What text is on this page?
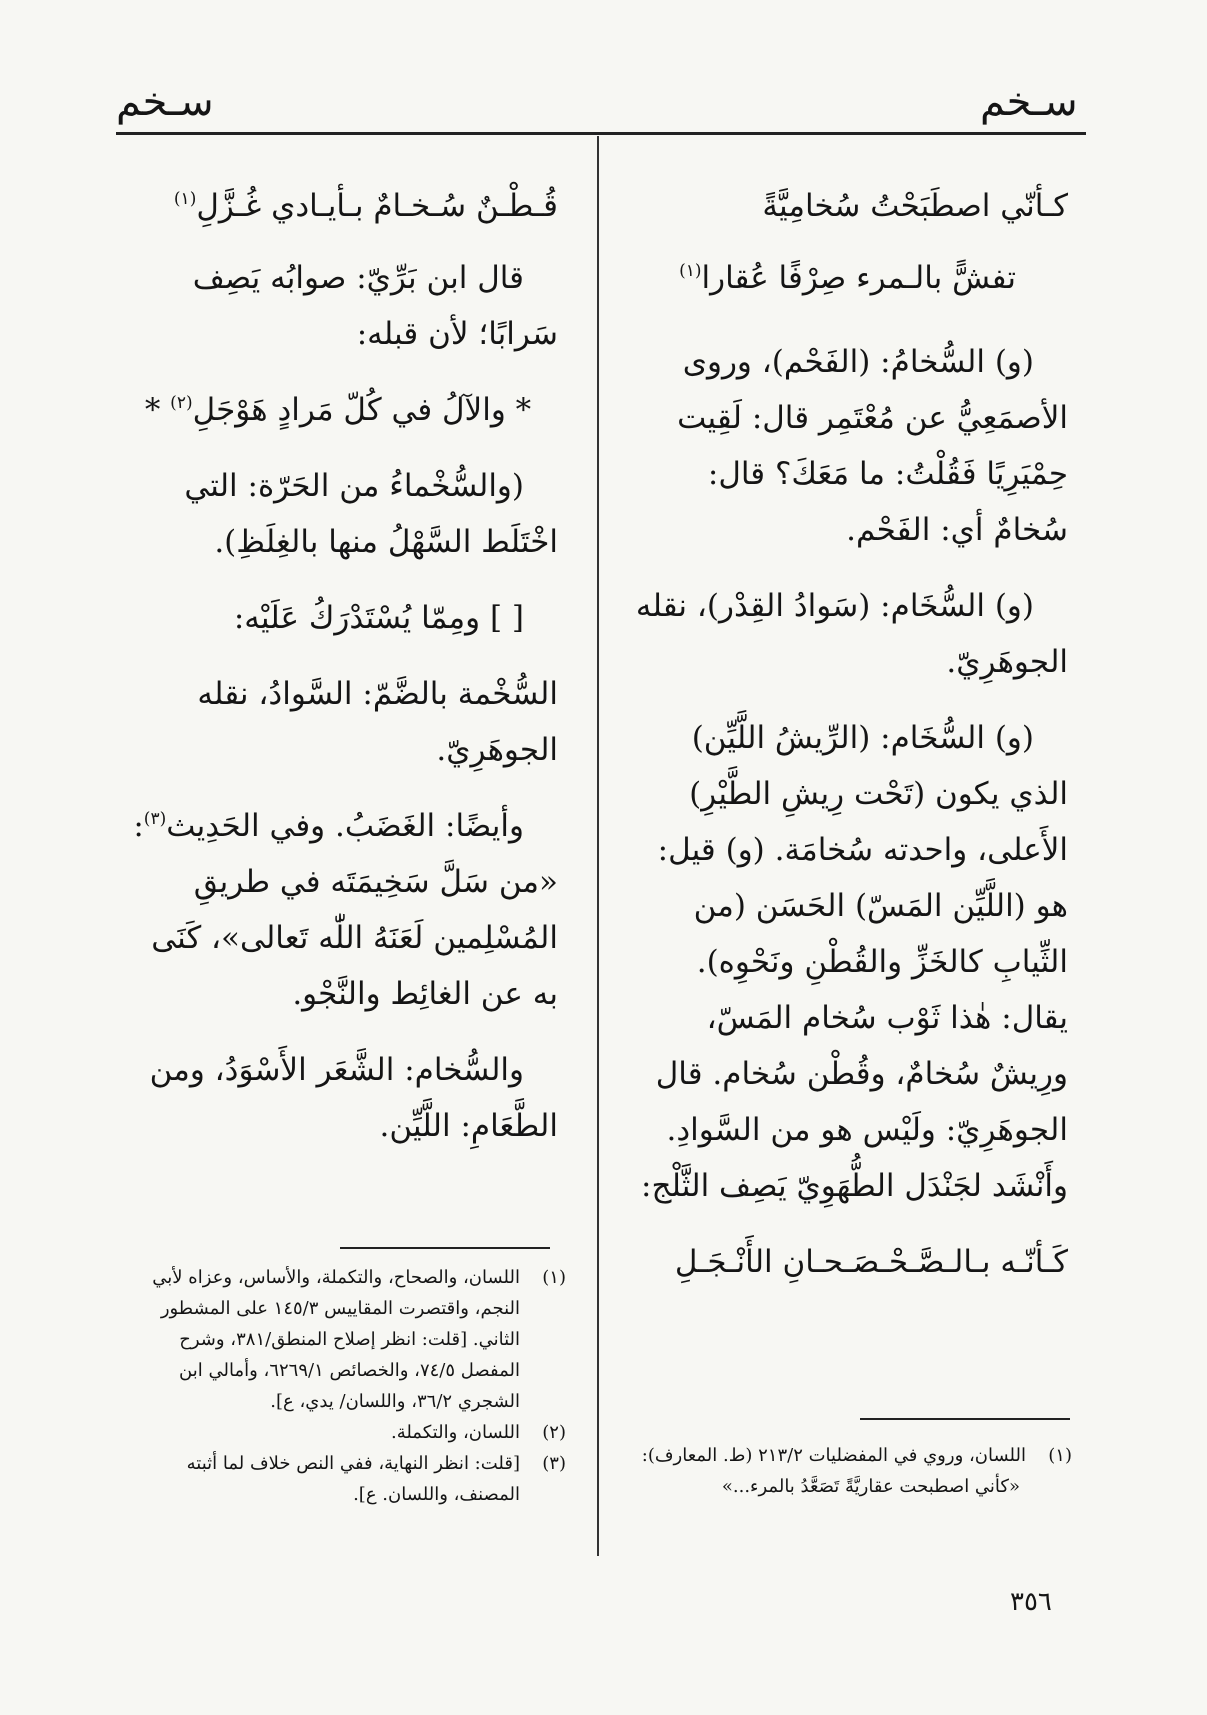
سـخم
سـخم
كـأنّي اصطَبَحْتُ سُخامِيَّةً
تفشًّ بالـمرء صِرْفًا عُقارا$^{(١)}$

(و) السُّخامُ: (الفَحْم)، وروى الأصمَعِيُّ عن مُعْتَمِر قال: لَقِيت حِمْيَرِيًا فَقُلْتُ: ما مَعَكَ؟ قال: سُخامٌ أي: الفَحْم.

(و) السُّخَام: (سَوادُ القِدْر)، نقله الجوهَرِيّ.

(و) السُّخَام: (الرِّيشُ اللَّيِّن) الذي يكون (تَحْت رِيشِ الطَّيْرِ) الأَعلى، واحدته سُخامَة. (و) قيل: هو (اللَّيِّن المَسّ) الحَسَن (من الثِّيابِ كالخَزِّ والقُطْنِ ونَحْوِه). يقال: هٰذا ثَوْب سُخام المَسّ، ورِيشٌ سُخامٌ، وقُطْن سُخام. قال الجوهَرِيّ: ولَيْس هو من السَّوادِ. وأَنْشَد لجَنْدَل الطُّهَوِيّ يَصِف الثَّلْج:

كَـأنّـه بـالـصَّـحْـصَـحـانِ الأَنْـجَـلِ
قُـطْـنٌ سُـخـامٌ بـأيـادي غُـزَّلِ$^{(١)}$

قال ابن بَرِّيّ: صوابُه يَصِف سَرابًا؛ لأن قبله:

* والآلُ في كُلّ مَرادٍ هَوْجَلِ$^{(٢)}$ *

(والسُّخْماءُ من الحَرّة: التي اخْتَلَط السَّهْلُ منها بالغِلَظِ).

[ ] ومِمّا يُسْتَدْرَكُ عَلَيْه:

السُّخْمة بالضَّمّ: السَّوادُ، نقله الجوهَرِيّ.

وأيضًا: الغَضَبُ. وفي الحَدِيث$^{(٣)}$: «من سَلَّ سَخِيمَتَه في طريقِ المُسْلِمين لَعَنَهُ اللّٰه تَعالى»، كَنَى به عن الغائِط والنَّجْو.

والسُّخام: الشَّعَر الأَسْوَدُ، ومن الطَّعَامِ: اللَّيِّن.

(١)
اللسان، والصحاح، والتكملة، والأساس، وعزاه لأبي النجم، واقتصرت المقاييس ١٤٥/٣ على المشطور الثاني. [قلت: انظر إصلاح المنطق/٣٨١، وشرح المفصل ٧٤/٥، والخصائص ٦٢٦٩/١، وأمالي ابن الشجري ٣٦/٢، واللسان/ يدي، ع].
(٢)
اللسان، والتكملة.
(٣)
[قلت: انظر النهاية، ففي النص خلاف لما أثبته المصنف، واللسان. ع].
(١)
اللسان، وروي في المفضليات ٢١٣/٢ (ط. المعارف):
«كأني اصطبحت عقاريَّةً تَصَعَّدُ بالمرء...»
٣٥٦
